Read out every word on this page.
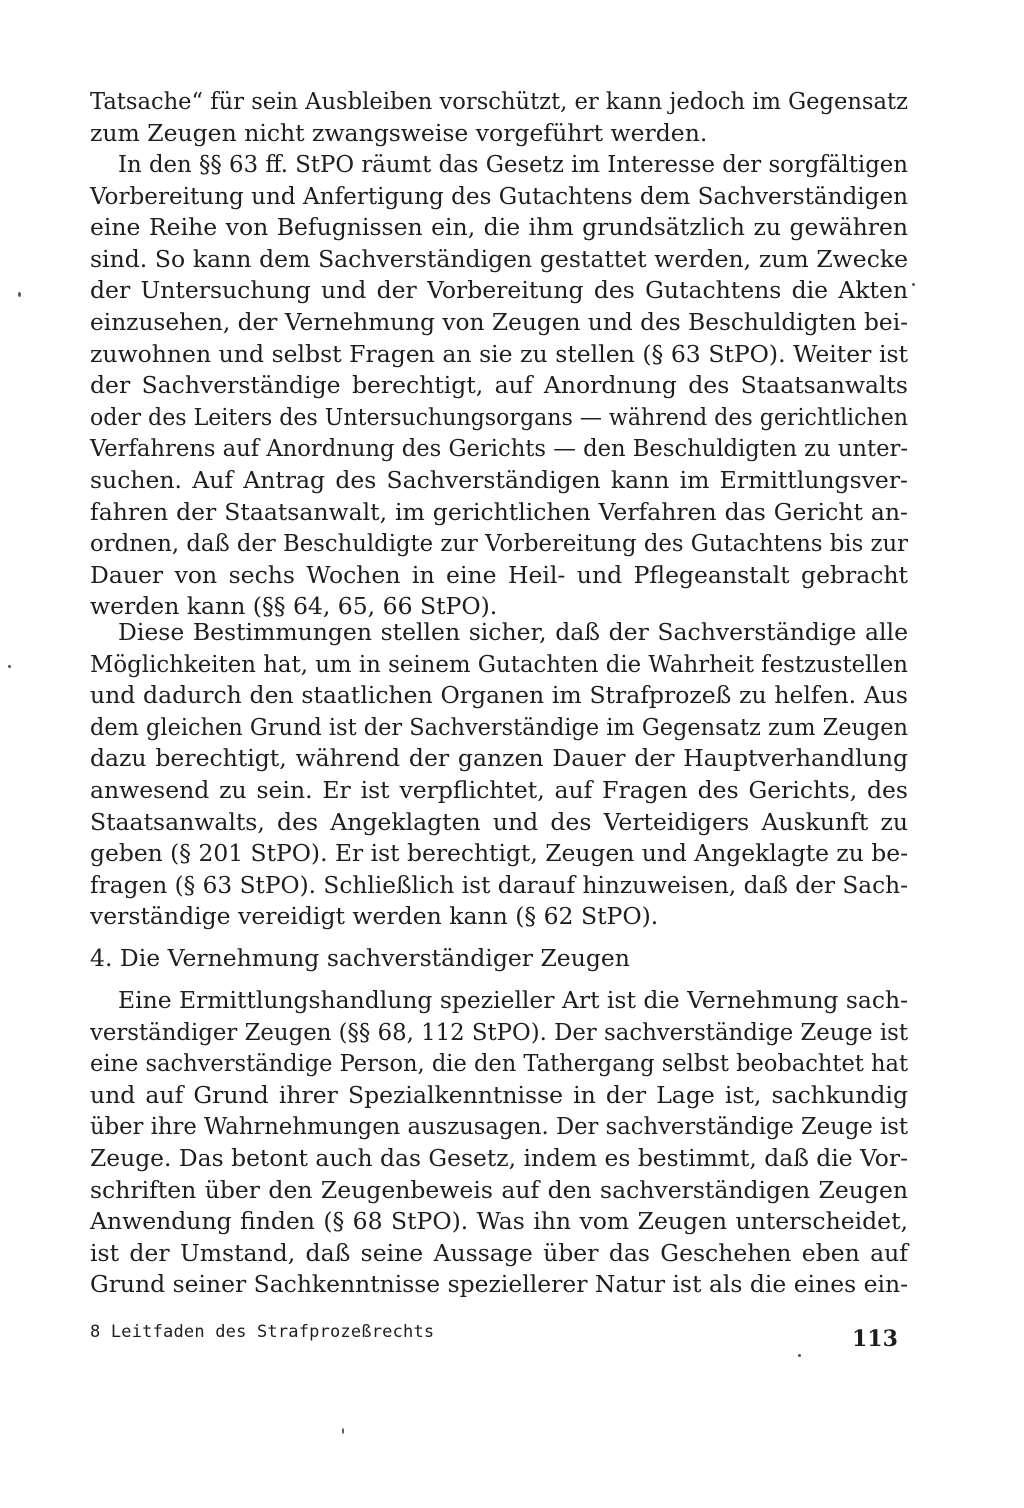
Tatsache“ für sein Ausbleiben vorschützt, er kann jedoch im Gegensatz
zum Zeugen nicht zwangsweise vorgeführt werden.
In den §§ 63 ff. StPO räumt das Gesetz im Interesse der sorgfältigen
Vorbereitung und Anfertigung des Gutachtens dem Sachverständigen
eine Reihe von Befugnissen ein, die ihm grundsätzlich zu gewähren
sind. So kann dem Sachverständigen gestattet werden, zum Zwecke
der Untersuchung und der Vorbereitung des Gutachtens die Akten
einzusehen, der Vernehmung von Zeugen und des Beschuldigten bei-
zuwohnen und selbst Fragen an sie zu stellen (§ 63 StPO). Weiter ist
der Sachverständige berechtigt, auf Anordnung des Staatsanwalts
oder des Leiters des Untersuchungsorgans — während des gerichtlichen
Verfahrens auf Anordnung des Gerichts — den Beschuldigten zu unter-
suchen. Auf Antrag des Sachverständigen kann im Ermittlungsver-
fahren der Staatsanwalt, im gerichtlichen Verfahren das Gericht an-
ordnen, daß der Beschuldigte zur Vorbereitung des Gutachtens bis zur
Dauer von sechs Wochen in eine Heil- und Pflegeanstalt gebracht
werden kann (§§ 64, 65, 66 StPO).
Diese Bestimmungen stellen sicher, daß der Sachverständige alle
Möglichkeiten hat, um in seinem Gutachten die Wahrheit festzustellen
und dadurch den staatlichen Organen im Strafprozeß zu helfen. Aus
dem gleichen Grund ist der Sachverständige im Gegensatz zum Zeugen
dazu berechtigt, während der ganzen Dauer der Hauptverhandlung
anwesend zu sein. Er ist verpflichtet, auf Fragen des Gerichts, des
Staatsanwalts, des Angeklagten und des Verteidigers Auskunft zu
geben (§ 201 StPO). Er ist berechtigt, Zeugen und Angeklagte zu be-
fragen (§ 63 StPO). Schließlich ist darauf hinzuweisen, daß der Sach-
verständige vereidigt werden kann (§ 62 StPO).
4. Die Vernehmung sachverständiger Zeugen
Eine Ermittlungshandlung spezieller Art ist die Vernehmung sach-
verständiger Zeugen (§§ 68, 112 StPO). Der sachverständige Zeuge ist
eine sachverständige Person, die den Tathergang selbst beobachtet hat
und auf Grund ihrer Spezialkenntnisse in der Lage ist, sachkundig
über ihre Wahrnehmungen auszusagen. Der sachverständige Zeuge ist
Zeuge. Das betont auch das Gesetz, indem es bestimmt, daß die Vor-
schriften über den Zeugenbeweis auf den sachverständigen Zeugen
Anwendung finden (§ 68 StPO). Was ihn vom Zeugen unterscheidet,
ist der Umstand, daß seine Aussage über das Geschehen eben auf
Grund seiner Sachkenntnisse speziellerer Natur ist als die eines ein-
8 Leitfaden des Strafprozeßrechts	113
